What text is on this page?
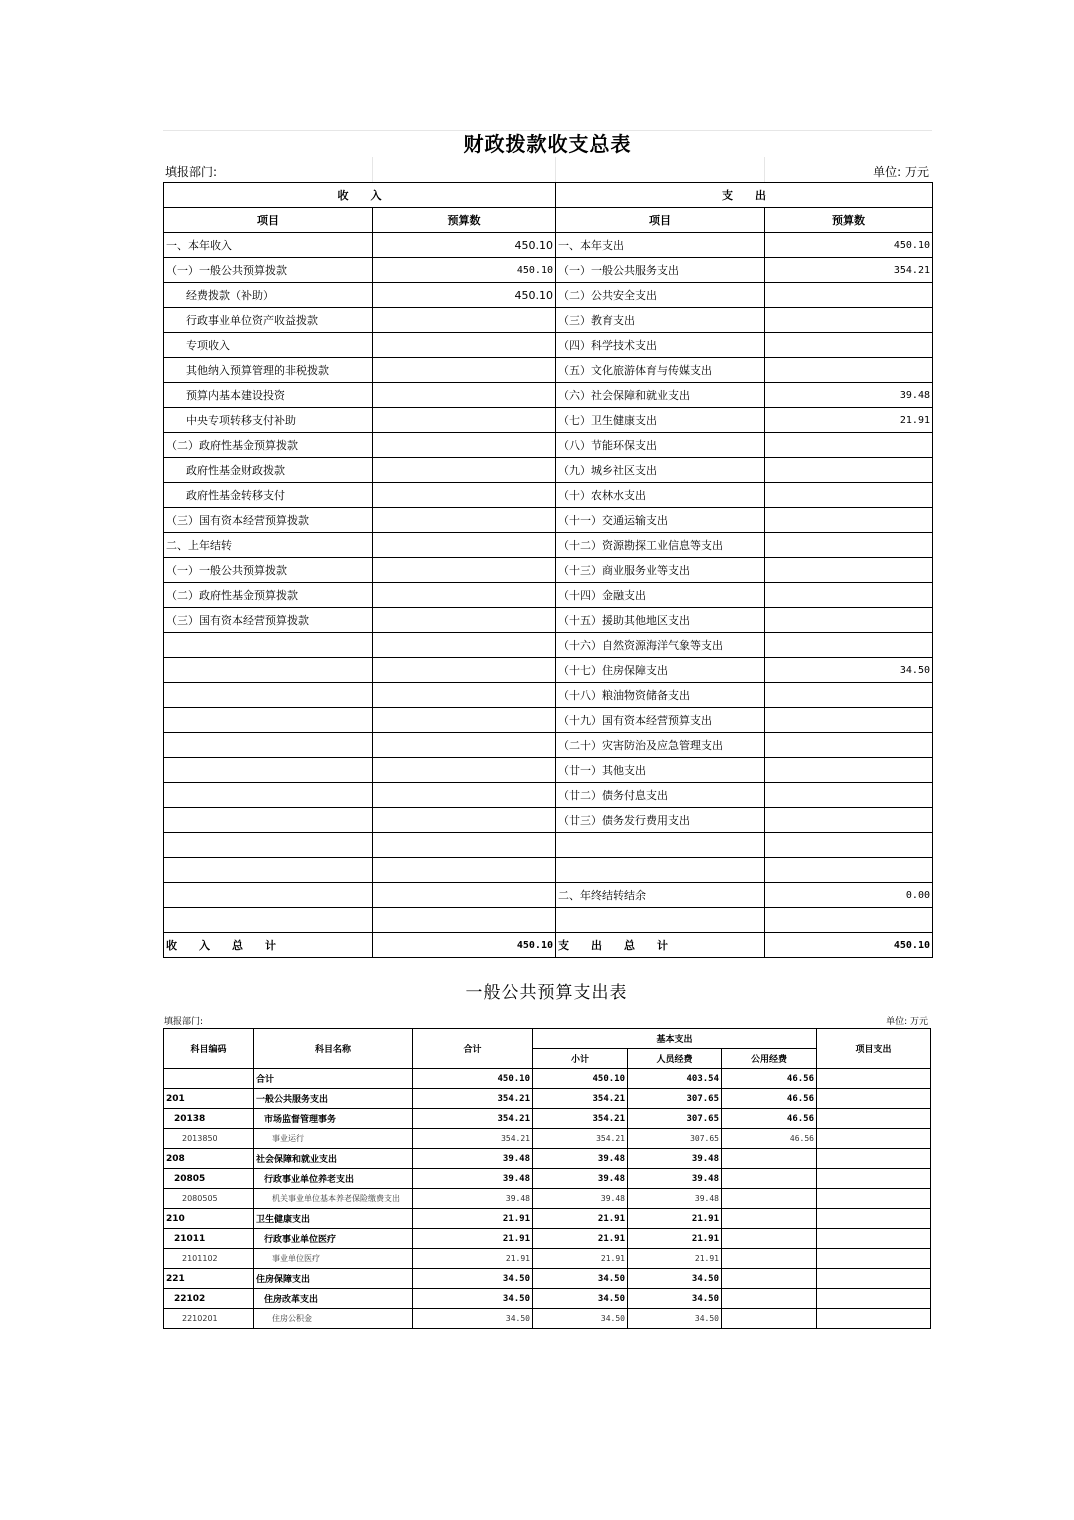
财政拨款收支总表
填报部门:	单位: 万元
收　　入		支　　出	
项目	预算数	项目	预算数
一、本年收入	450.10	一、本年支出	450.10
（一）一般公共预算拨款	450.10	（一）一般公共服务支出	354.21
经费拨款（补助）	450.10	（二）公共安全支出	
行政事业单位资产收益拨款		（三）教育支出	
专项收入		（四）科学技术支出	
其他纳入预算管理的非税拨款		（五）文化旅游体育与传媒支出	
预算内基本建设投资		（六）社会保障和就业支出	39.48
中央专项转移支付补助		（七）卫生健康支出	21.91
（二）政府性基金预算拨款		（八）节能环保支出	
政府性基金财政拨款		（九）城乡社区支出	
政府性基金转移支付		（十）农林水支出	
（三）国有资本经营预算拨款		（十一）交通运输支出	
二、上年结转		（十二）资源勘探工业信息等支出	
（一）一般公共预算拨款		（十三）商业服务业等支出	
（二）政府性基金预算拨款		（十四）金融支出	
（三）国有资本经营预算拨款		（十五）援助其他地区支出	
		（十六）自然资源海洋气象等支出	
		（十七）住房保障支出	34.50
		（十八）粮油物资储备支出	
		（十九）国有资本经营预算支出	
		（二十）灾害防治及应急管理支出	
		（廿一）其他支出	
		（廿二）债务付息支出	
		（廿三）债务发行费用支出	

		二、年终结转结余	0.00

收　　入　　总　　计	450.10	支　　出　　总　　计	450.10
一般公共预算支出表
填报部门:	单位: 万元
科目编码	科目名称	合计	基本支出			项目支出
			小计	人员经费	公用经费	
	合计	450.10	450.10	403.54	46.56	
201	一般公共服务支出	354.21	354.21	307.65	46.56	
20138	市场监督管理事务	354.21	354.21	307.65	46.56	
2013850	事业运行	354.21	354.21	307.65	46.56	
208	社会保障和就业支出	39.48	39.48	39.48		
20805	行政事业单位养老支出	39.48	39.48	39.48		
2080505	机关事业单位基本养老保险缴费支出	39.48	39.48	39.48		
210	卫生健康支出	21.91	21.91	21.91		
21011	行政事业单位医疗	21.91	21.91	21.91		
2101102	事业单位医疗	21.91	21.91	21.91		
221	住房保障支出	34.50	34.50	34.50		
22102	住房改革支出	34.50	34.50	34.50		
2210201	住房公积金	34.50	34.50	34.50		
